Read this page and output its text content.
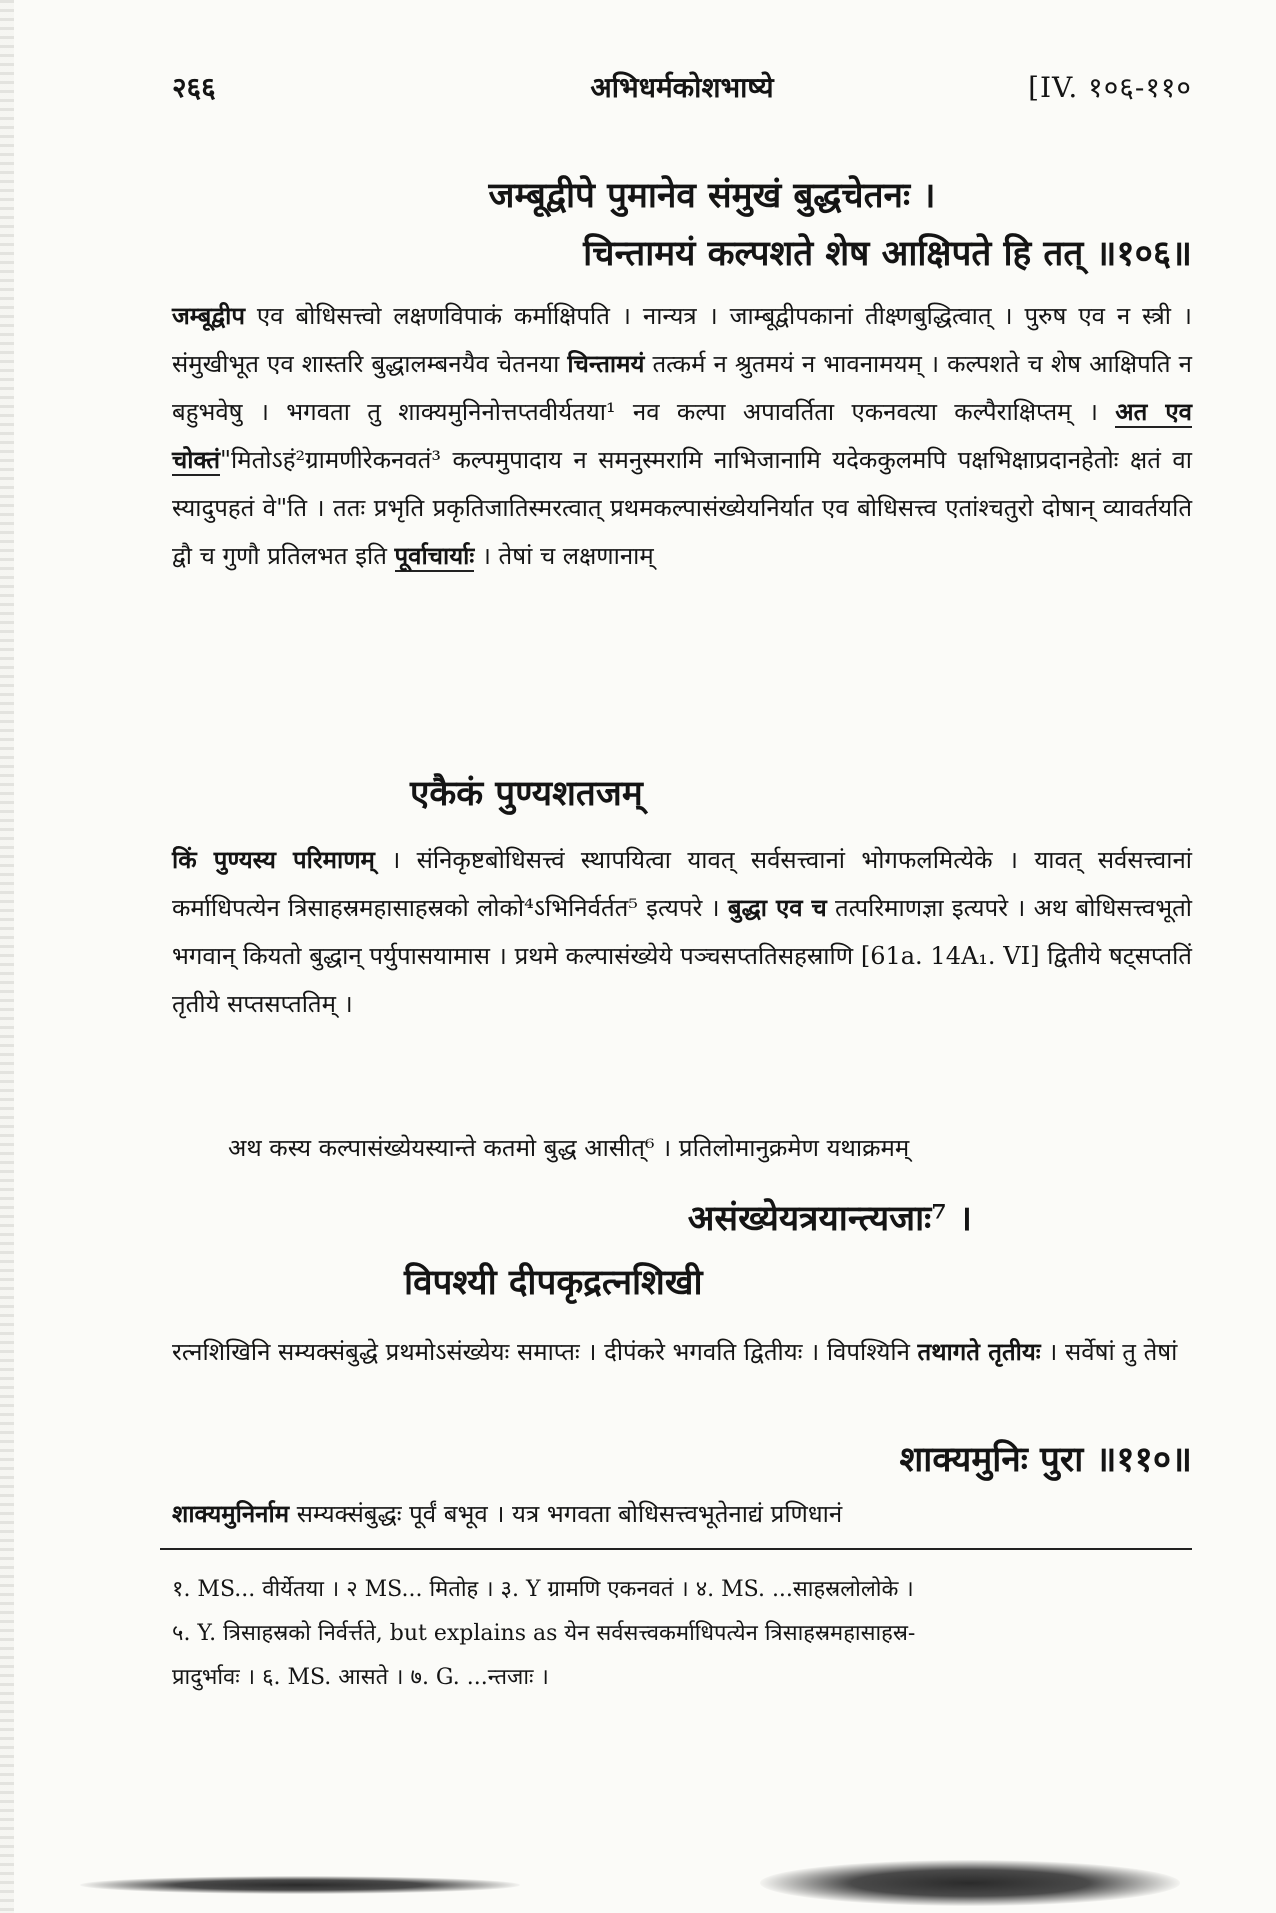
२६६	अभिधर्मकोशभाष्ये	[IV. १०६-११०

जम्बूद्वीपे पुमानेव संमुखं बुद्धचेतनः ।

चिन्तामयं कल्पशते शेष आक्षिपते हि तत् ॥१०६॥

जम्बूद्वीप एव बोधिसत्त्वो लक्षणविपाकं कर्माक्षिपति । नान्यत्र । जाम्बूद्वीपकानां तीक्ष्णबुद्धित्वात् । पुरुष एव न स्त्री । संमुखीभूत एव शास्तरि बुद्धालम्बनयैव चेतनया चिन्तामयं तत्कर्म न श्रुतमयं न भावनामयम् । कल्पशते च शेष आक्षिपति न बहुभवेषु । भगवता तु शाक्यमुनिनोत्तप्तवीर्यतया¹ नव कल्पा अपावर्तिता एकनवत्या कल्पैराक्षिप्तम् । अत एव चोक्तं"मितोऽहं²ग्रामणीरेकनवतं³ कल्पमुपादाय न समनुस्मरामि नाभिजानामि यदेककुलमपि पक्षभिक्षाप्रदानहेतोः क्षतं वा स्यादुपहतं वे"ति । ततः प्रभृति प्रकृतिजातिस्मरत्वात् प्रथमकल्पासंख्येयनिर्यात एव बोधिसत्त्व एतांश्चतुरो दोषान् व्यावर्तयति द्वौ च गुणौ प्रतिलभत इति पूर्वाचार्याः । तेषां च लक्षणानाम्

एकैकं पुण्यशतजम्

किं पुण्यस्य परिमाणम् । संनिकृष्टबोधिसत्त्वं स्थापयित्वा यावत् सर्वसत्त्वानां भोगफलमित्येके । यावत् सर्वसत्त्वानां कर्माधिपत्येन त्रिसाहस्रमहासाहस्रको लोको⁴ऽभिनिर्वर्तत⁵ इत्यपरे । बुद्धा एव च तत्परिमाणज्ञा इत्यपरे । अथ बोधिसत्त्वभूतो भगवान् कियतो बुद्धान् पर्युपासयामास । प्रथमे कल्पासंख्येये पञ्चसप्ततिसहस्राणि [61a. 14A₁. VI] द्वितीये षट्सप्ततिं तृतीये सप्तसप्ततिम् ।

अथ कस्य कल्पासंख्येयस्यान्ते कतमो बुद्ध आसीत्⁶ । प्रतिलोमानुक्रमेण यथाक्रमम्

असंख्येयत्रयान्त्यजाः⁷ ।

विपश्यी दीपकृद्रत्नशिखी

रत्नशिखिनि सम्यक्संबुद्धे प्रथमोऽसंख्येयः समाप्तः । दीपंकरे भगवति द्वितीयः । विपश्यिनि तथागते तृतीयः । सर्वेषां तु तेषां

शाक्यमुनिः पुरा ॥११०॥

शाक्यमुनिर्नाम सम्यक्संबुद्धः पूर्वं बभूव । यत्र भगवता बोधिसत्त्वभूतेनाद्यं प्रणिधानं

१. MS... वीर्येतया । २ MS... मितोह । ३. Y ग्रामणि एकनवतं । ४. MS. ...साहस्रलोलोके ।
५. Y. त्रिसाहस्रको निर्वर्त्तते, but explains as येन सर्वसत्त्वकर्माधिपत्येन त्रिसाहस्रमहासाहस्र-
प्रादुर्भावः । ६. MS. आसते । ७. G. ...न्तजाः ।
